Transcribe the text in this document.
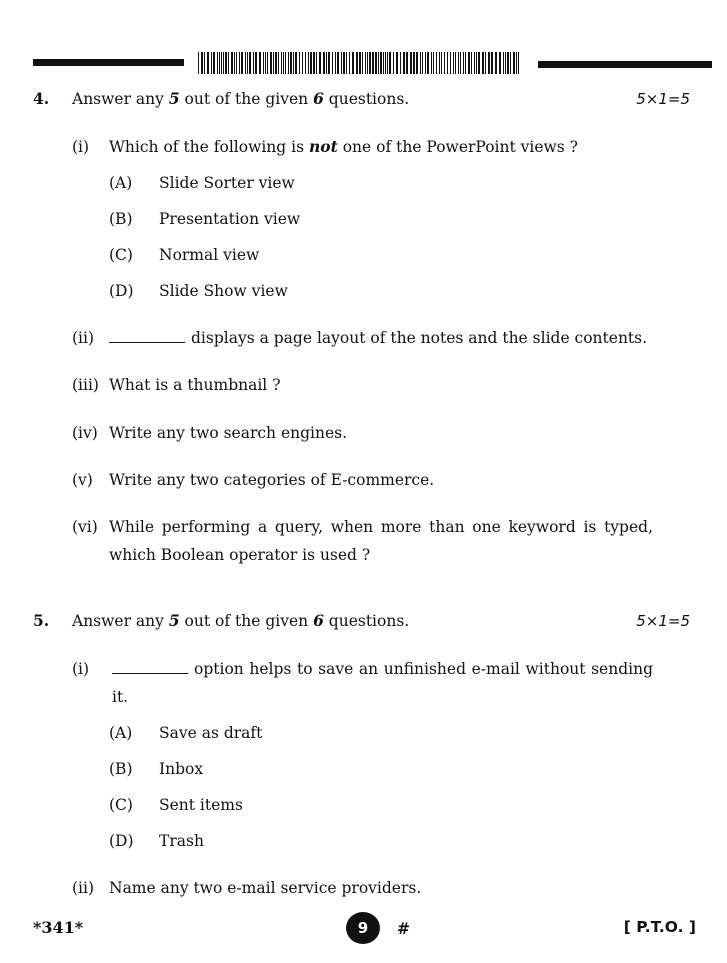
4. Answer any 5 out of the given 6 questions.	5×1=5
(i) Which of the following is not one of the PowerPoint views ?
(A) Slide Sorter view
(B) Presentation view
(C) Normal view
(D) Slide Show view
(ii)	displays a page layout of the notes and the slide contents.
(iii) What is a thumbnail ?
(iv) Write any two search engines.
(v) Write any two categories of E-commerce.
(vi) While performing a query, when more than one keyword is typed,
which Boolean operator is used ?
5. Answer any 5 out of the given 6 questions.	5×1=5
(i)	option helps to save an unfinished e-mail without sending
it.
(A) Save as draft
(B) Inbox
(C) Sent items
(D) Trash
(ii) Name any two e-mail service providers.
*341*	9	#	[ P.T.O. ]
